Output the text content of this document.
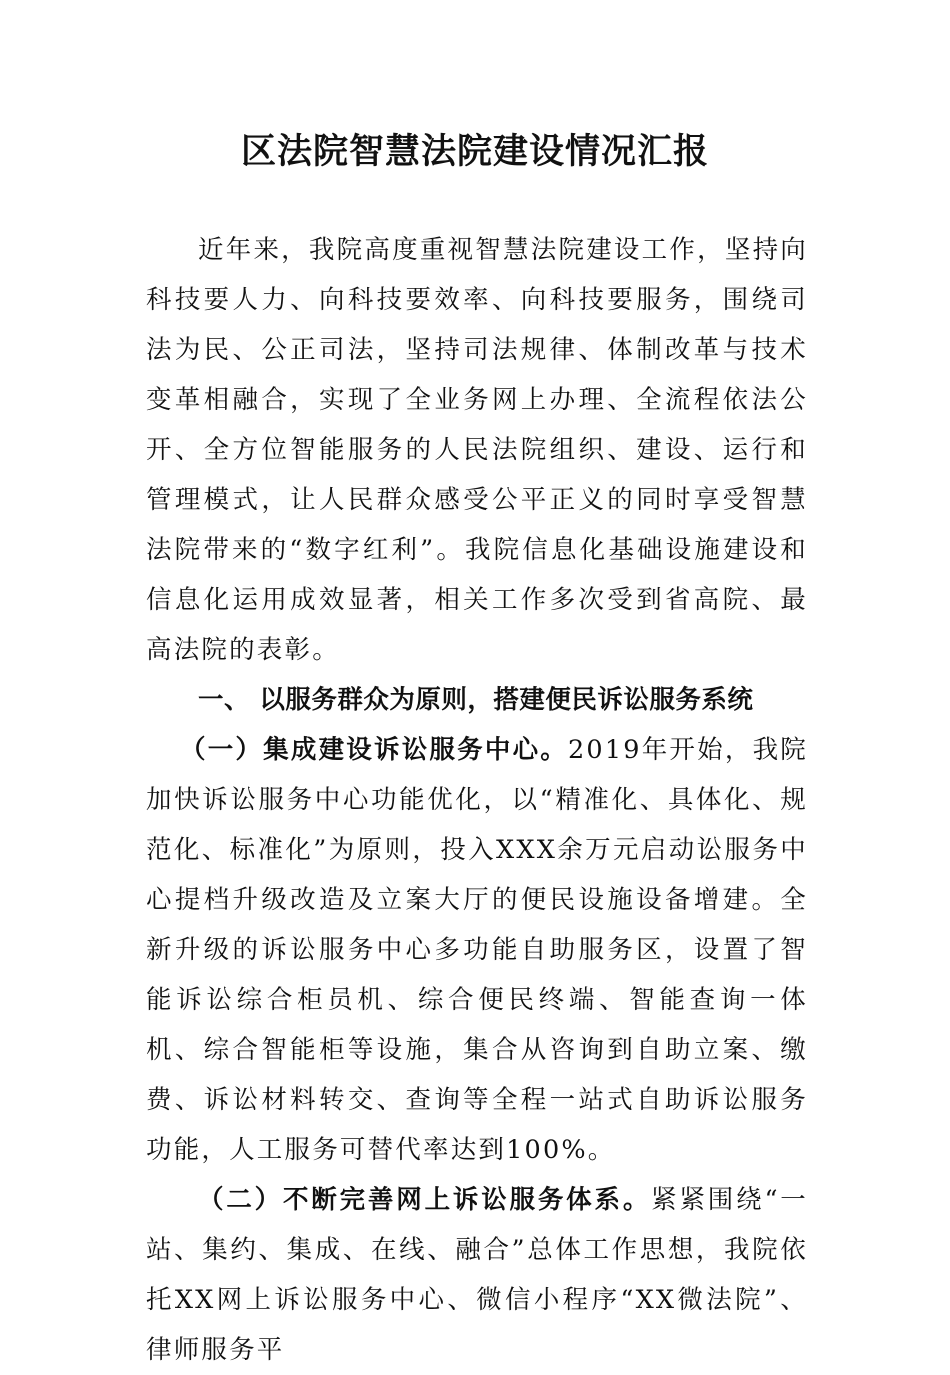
区法院智慧法院建设情况汇报

近年来，我院高度重视智慧法院建设工作，坚持向科技要人力、向科技要效率、向科技要服务，围绕司法为民、公正司法，坚持司法规律、体制改革与技术变革相融合，实现了全业务网上办理、全流程依法公开、全方位智能服务的人民法院组织、建设、运行和管理模式，让人民群众感受公平正义的同时享受智慧法院带来的“数字红利”。我院信息化基础设施建设和信息化运用成效显著，相关工作多次受到省高院、最高法院的表彰。

一、 以服务群众为原则，搭建便民诉讼服务系统

（一）集成建设诉讼服务中心。2019年开始，我院加快诉讼服务中心功能优化，以“精准化、具体化、规范化、标准化”为原则，投入XXX余万元启动讼服务中心提档升级改造及立案大厅的便民设施设备增建。全新升级的诉讼服务中心多功能自助服务区，设置了智能诉讼综合柜员机、综合便民终端、智能查询一体机、综合智能柜等设施，集合从咨询到自助立案、缴费、诉讼材料转交、查询等全程一站式自助诉讼服务功能，人工服务可替代率达到100%。

（二）不断完善网上诉讼服务体系。紧紧围绕“一站、集约、集成、在线、融合”总体工作思想，我院依托XX网上诉讼服务中心、微信小程序“XX微法院”、律师服务平
